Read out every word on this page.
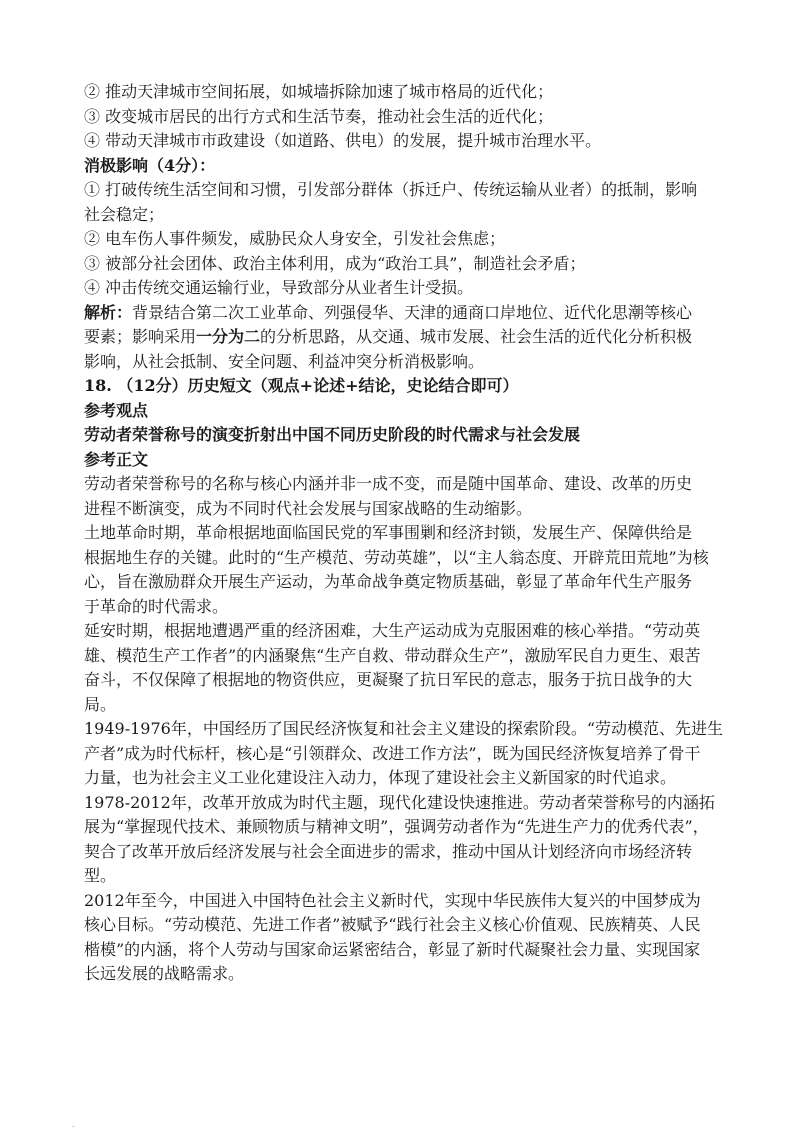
② 推动天津城市空间拓展，如城墙拆除加速了城市格局的近代化；

③ 改变城市居民的出行方式和生活节奏，推动社会生活的近代化；

④ 带动天津城市市政建设（如道路、供电）的发展，提升城市治理水平。

消极影响（4分）：

① 打破传统生活空间和习惯，引发部分群体（拆迁户、传统运输从业者）的抵制，影响

社会稳定；

② 电车伤人事件频发，威胁民众人身安全，引发社会焦虑；

③ 被部分社会团体、政治主体利用，成为“政治工具”，制造社会矛盾；

④ 冲击传统交通运输行业，导致部分从业者生计受损。

解析：背景结合第二次工业革命、列强侵华、天津的通商口岸地位、近代化思潮等核心

要素；影响采用一分为二的分析思路，从交通、城市发展、社会生活的近代化分析积极

影响，从社会抵制、安全问题、利益冲突分析消极影响。

18. （12分）历史短文（观点+论述+结论，史论结合即可）

参考观点

劳动者荣誉称号的演变折射出中国不同历史阶段的时代需求与社会发展

参考正文

劳动者荣誉称号的名称与核心内涵并非一成不变，而是随中国革命、建设、改革的历史

进程不断演变，成为不同时代社会发展与国家战略的生动缩影。

土地革命时期，革命根据地面临国民党的军事围剿和经济封锁，发展生产、保障供给是

根据地生存的关键。此时的“生产模范、劳动英雄”，以“主人翁态度、开辟荒田荒地”为核

心，旨在激励群众开展生产运动，为革命战争奠定物质基础，彰显了革命年代生产服务

于革命的时代需求。

延安时期，根据地遭遇严重的经济困难，大生产运动成为克服困难的核心举措。“劳动英

雄、模范生产工作者”的内涵聚焦“生产自救、带动群众生产”，激励军民自力更生、艰苦

奋斗，不仅保障了根据地的物资供应，更凝聚了抗日军民的意志，服务于抗日战争的大

局。

1949-1976年，中国经历了国民经济恢复和社会主义建设的探索阶段。“劳动模范、先进生

产者”成为时代标杆，核心是“引领群众、改进工作方法”，既为国民经济恢复培养了骨干

力量，也为社会主义工业化建设注入动力，体现了建设社会主义新国家的时代追求。

1978-2012年，改革开放成为时代主题，现代化建设快速推进。劳动者荣誉称号的内涵拓

展为“掌握现代技术、兼顾物质与精神文明”，强调劳动者作为“先进生产力的优秀代表”，

契合了改革开放后经济发展与社会全面进步的需求，推动中国从计划经济向市场经济转

型。

2012年至今，中国进入中国特色社会主义新时代，实现中华民族伟大复兴的中国梦成为

核心目标。“劳动模范、先进工作者”被赋予“践行社会主义核心价值观、民族精英、人民

楷模”的内涵，将个人劳动与国家命运紧密结合，彰显了新时代凝聚社会力量、实现国家

长远发展的战略需求。

.
